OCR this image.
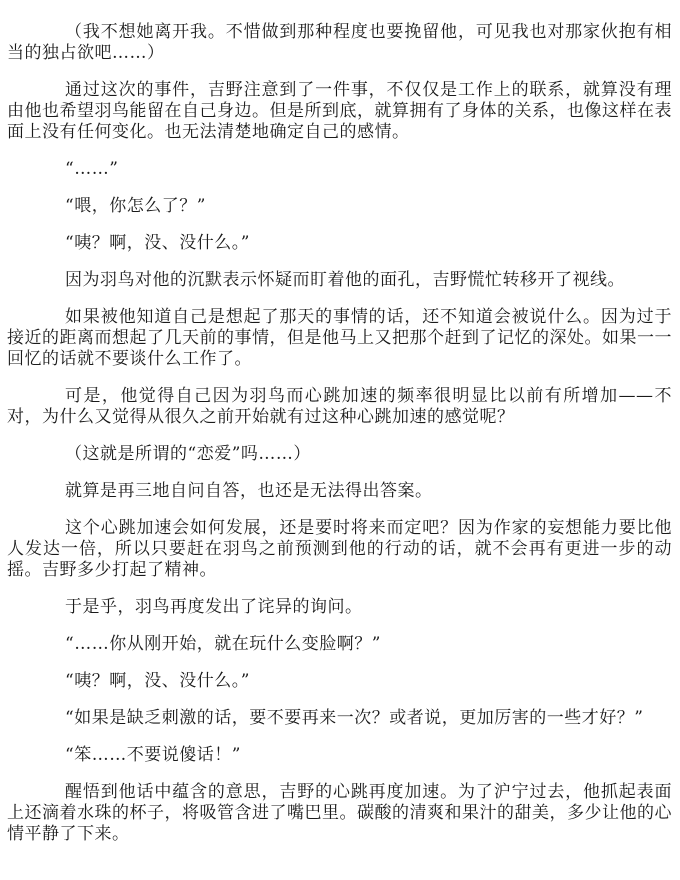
（我不想她离开我。不惜做到那种程度也要挽留他，可见我也对那家伙抱有相当的独占欲吧……）

通过这次的事件，吉野注意到了一件事，不仅仅是工作上的联系，就算没有理由他也希望羽鸟能留在自己身边。但是所到底，就算拥有了身体的关系，也像这样在表面上没有任何变化。也无法清楚地确定自己的感情。

“……”

“喂，你怎么了？”

“咦？啊，没、没什么。”

因为羽鸟对他的沉默表示怀疑而盯着他的面孔，吉野慌忙转移开了视线。

如果被他知道自己是想起了那天的事情的话，还不知道会被说什么。因为过于接近的距离而想起了几天前的事情，但是他马上又把那个赶到了记忆的深处。如果一一回忆的话就不要谈什么工作了。

可是，他觉得自己因为羽鸟而心跳加速的频率很明显比以前有所增加——不对，为什么又觉得从很久之前开始就有过这种心跳加速的感觉呢？

（这就是所谓的“恋爱”吗……）

就算是再三地自问自答，也还是无法得出答案。

这个心跳加速会如何发展，还是要时将来而定吧？因为作家的妄想能力要比他人发达一倍，所以只要赶在羽鸟之前预测到他的行动的话，就不会再有更进一步的动摇。吉野多少打起了精神。

于是乎，羽鸟再度发出了诧异的询问。

“……你从刚开始，就在玩什么变脸啊？”

“咦？啊，没、没什么。”

“如果是缺乏刺激的话，要不要再来一次？或者说，更加厉害的一些才好？”

“笨……不要说傻话！”

醒悟到他话中蕴含的意思，吉野的心跳再度加速。为了沪宁过去，他抓起表面上还滴着水珠的杯子，将吸管含进了嘴巴里。碳酸的清爽和果汁的甜美，多少让他的心情平静了下来。
